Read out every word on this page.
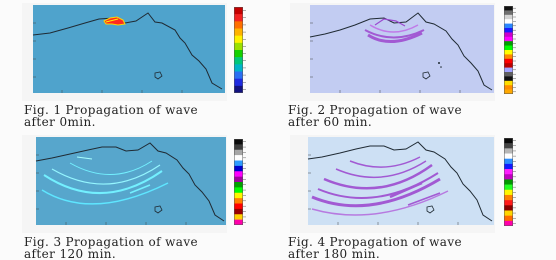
Fig. 1 Propagation of wave
after 0min.
Fig. 2 Propagation of wave
after 60 min.
Fig. 3 Propagation of wave
after 120 min.
Fig. 4 Propagation of wave
after 180 min.
